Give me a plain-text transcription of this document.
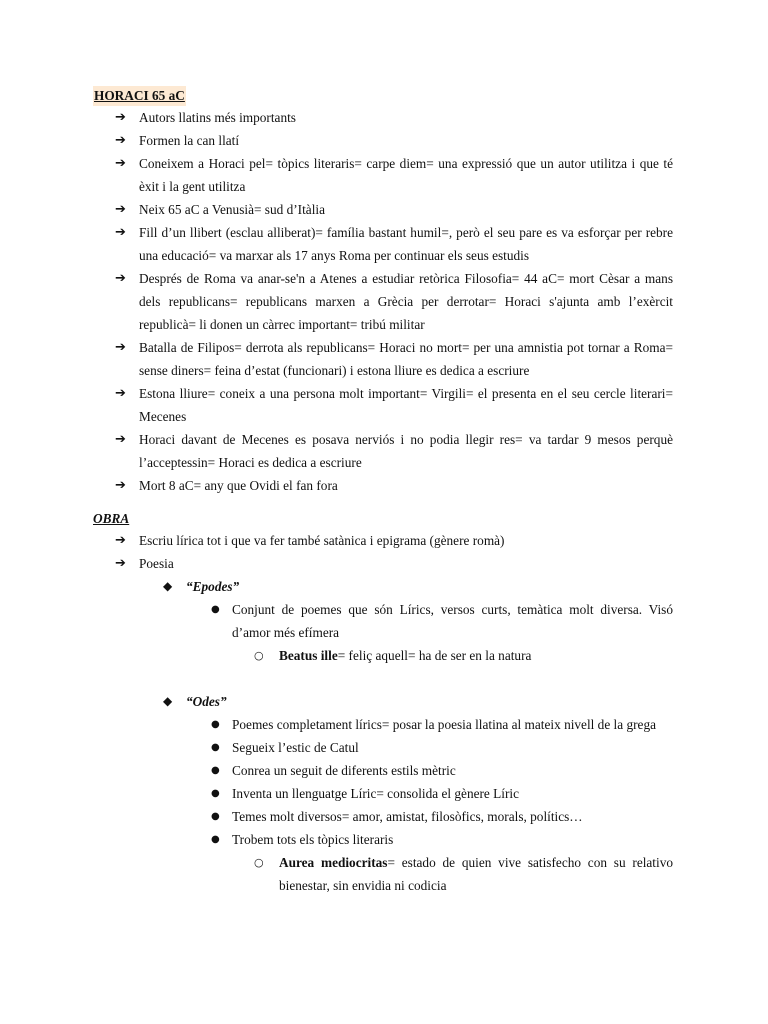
HORACI 65 aC
➔ Autors llatins més importants
➔ Formen la can llatí
➔ Coneixem a Horaci pel= tòpics literaris= carpe diem= una expressió que un autor utilitza i que té èxit i la gent utilitza
➔ Neix 65 aC a Venusià= sud d’Itàlia
➔ Fill d’un llibert (esclau alliberat)= família bastant humil=, però el seu pare es va esforçar per rebre una educació= va marxar als 17 anys Roma per continuar els seus estudis
➔ Després de Roma va anar-se'n a Atenes a estudiar retòrica Filosofia= 44 aC= mort Cèsar a mans dels republicans= republicans marxen a Grècia per derrotar= Horaci s'ajunta amb l’exèrcit republicà= li donen un càrrec important= tribú militar
➔ Batalla de Filipos= derrota als republicans= Horaci no mort= per una amnistia pot tornar a Roma= sense diners= feina d’estat (funcionari) i estona lliure es dedica a escriure
➔ Estona lliure= coneix a una persona molt important= Virgili= el presenta en el seu cercle literari= Mecenes
➔ Horaci davant de Mecenes es posava nerviós i no podia llegir res= va tardar 9 mesos perquè l’acceptessin= Horaci es dedica a escriure
➔ Mort 8 aC= any que Ovidi el fan fora
OBRA
➔ Escriu lírica tot i que va fer també satànica i epigrama (gènere romà)
➔ Poesia
◆ “Epodes”
● Conjunt de poemes que són Lírics, versos curts, temàtica molt diversa. Visó d’amor més efímera
○ Beatus ille= feliç aquell= ha de ser en la natura
◆ “Odes”
● Poemes completament lírics= posar la poesia llatina al mateix nivell de la grega
● Segueix l’estic de Catul
● Conrea un seguit de diferents estils mètric
● Inventa un llenguatge Líric= consolida el gènere Líric
● Temes molt diversos= amor, amistat, filosòfics, morals, polítics…
● Trobem tots els tòpics literaris
○ Aurea mediocritas= estado de quien vive satisfecho con su relativo bienestar, sin envidia ni codicia
